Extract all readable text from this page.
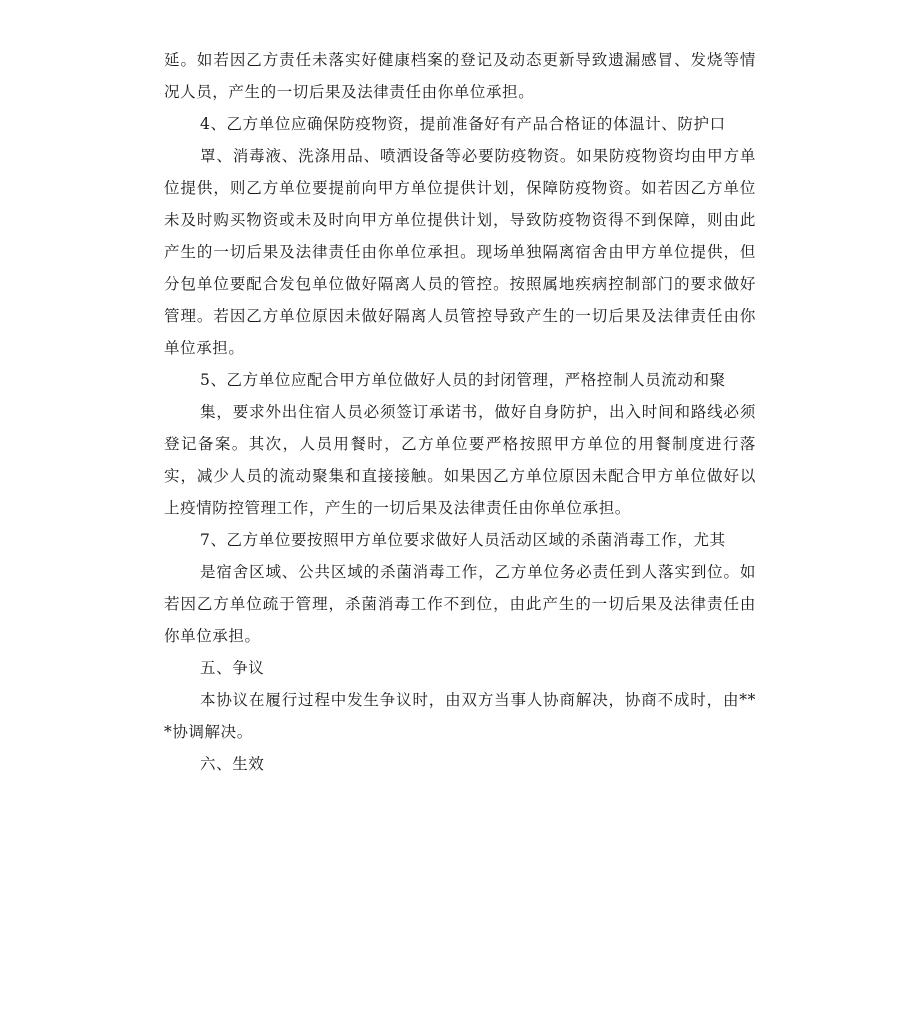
延。如若因乙方责任未落实好健康档案的登记及动态更新导致遗漏感冒、发烧等情况人员，产生的一切后果及法律责任由你单位承担。

4、乙方单位应确保防疫物资，提前准备好有产品合格证的体温计、防护口

罩、消毒液、洗涤用品、喷洒设备等必要防疫物资。如果防疫物资均由甲方单位提供，则乙方单位要提前向甲方单位提供计划，保障防疫物资。如若因乙方单位未及时购买物资或未及时向甲方单位提供计划，导致防疫物资得不到保障，则由此产生的一切后果及法律责任由你单位承担。现场单独隔离宿舍由甲方单位提供，但分包单位要配合发包单位做好隔离人员的管控。按照属地疾病控制部门的要求做好管理。若因乙方单位原因未做好隔离人员管控导致产生的一切后果及法律责任由你单位承担。

5、乙方单位应配合甲方单位做好人员的封闭管理，严格控制人员流动和聚

集，要求外出住宿人员必须签订承诺书，做好自身防护，出入时间和路线必须登记备案。其次，人员用餐时，乙方单位要严格按照甲方单位的用餐制度进行落实，减少人员的流动聚集和直接接触。如果因乙方单位原因未配合甲方单位做好以上疫情防控管理工作，产生的一切后果及法律责任由你单位承担。

7、乙方单位要按照甲方单位要求做好人员活动区域的杀菌消毒工作，尤其

是宿舍区域、公共区域的杀菌消毒工作，乙方单位务必责任到人落实到位。如若因乙方单位疏于管理，杀菌消毒工作不到位，由此产生的一切后果及法律责任由你单位承担。

五、争议

本协议在履行过程中发生争议时，由双方当事人协商解决，协商不成时，由***协调解决。

六、生效
